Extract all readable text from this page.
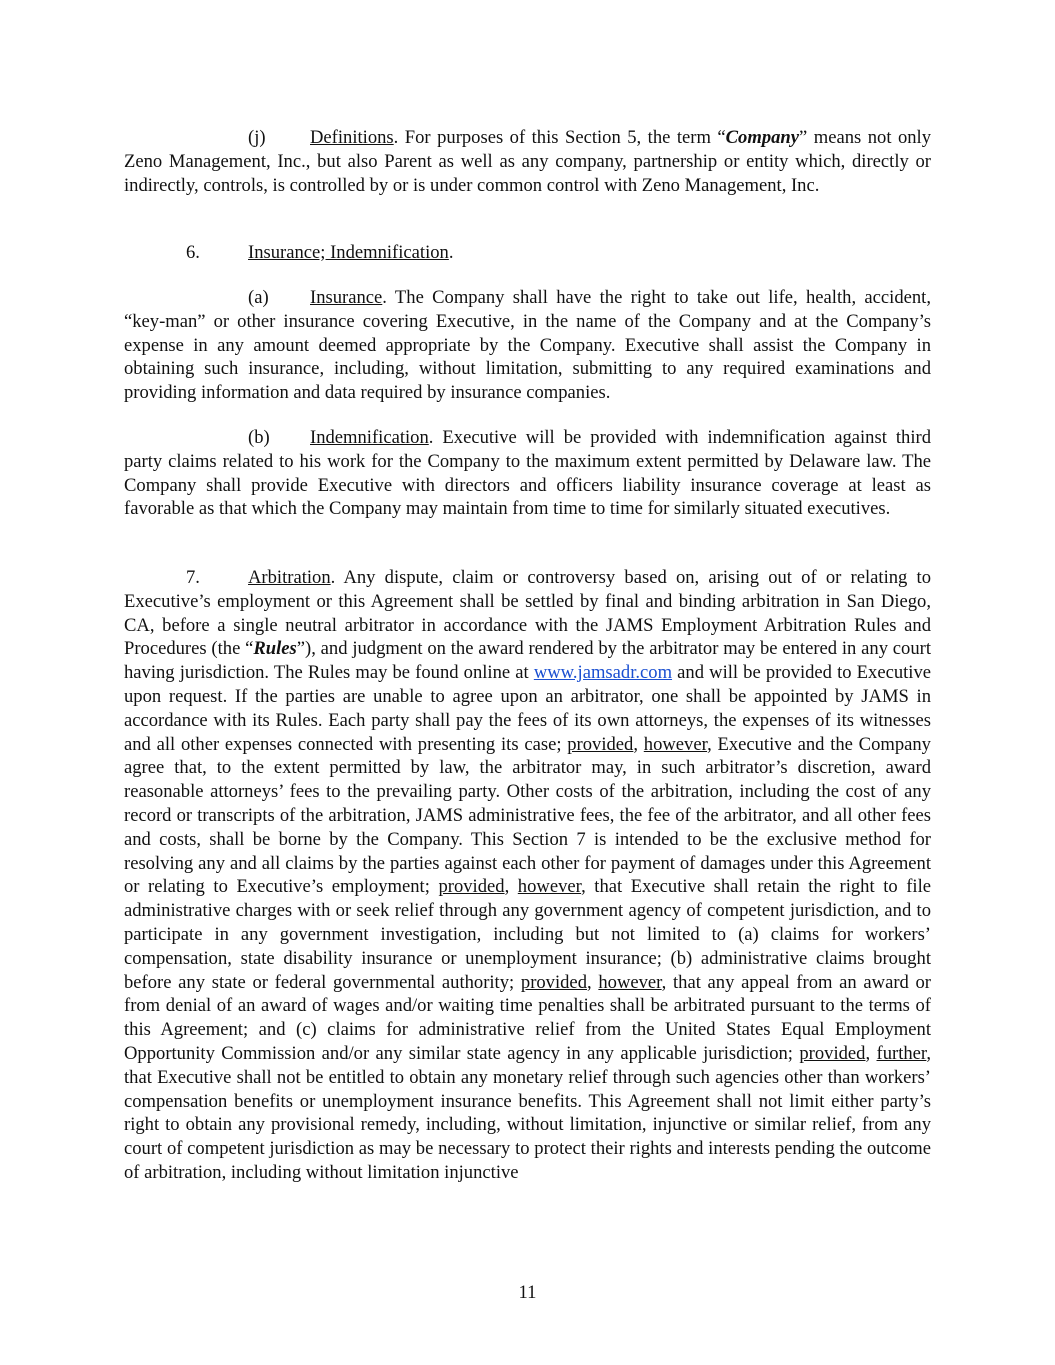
(j) Definitions. For purposes of this Section 5, the term “Company” means not only Zeno Management, Inc., but also Parent as well as any company, partnership or entity which, directly or indirectly, controls, is controlled by or is under common control with Zeno Management, Inc.

6.	Insurance; Indemnification.

(a) Insurance. The Company shall have the right to take out life, health, accident, “key-man” or other insurance covering Executive, in the name of the Company and at the Company’s expense in any amount deemed appropriate by the Company. Executive shall assist the Company in obtaining such insurance, including, without limitation, submitting to any required examinations and providing information and data required by insurance companies.

(b) Indemnification. Executive will be provided with indemnification against third party claims related to his work for the Company to the maximum extent permitted by Delaware law. The Company shall provide Executive with directors and officers liability insurance coverage at least as favorable as that which the Company may maintain from time to time for similarly situated executives.

7.	Arbitration. Any dispute, claim or controversy based on, arising out of or relating to Executive’s employment or this Agreement shall be settled by final and binding arbitration in San Diego, CA, before a single neutral arbitrator in accordance with the JAMS Employment Arbitration Rules and Procedures (the “Rules”), and judgment on the award rendered by the arbitrator may be entered in any court having jurisdiction. The Rules may be found online at www.jamsadr.com and will be provided to Executive upon request. If the parties are unable to agree upon an arbitrator, one shall be appointed by JAMS in accordance with its Rules. Each party shall pay the fees of its own attorneys, the expenses of its witnesses and all other expenses connected with presenting its case; provided, however, Executive and the Company agree that, to the extent permitted by law, the arbitrator may, in such arbitrator’s discretion, award reasonable attorneys’ fees to the prevailing party. Other costs of the arbitration, including the cost of any record or transcripts of the arbitration, JAMS administrative fees, the fee of the arbitrator, and all other fees and costs, shall be borne by the Company. This Section 7 is intended to be the exclusive method for resolving any and all claims by the parties against each other for payment of damages under this Agreement or relating to Executive’s employment; provided, however, that Executive shall retain the right to file administrative charges with or seek relief through any government agency of competent jurisdiction, and to participate in any government investigation, including but not limited to (a) claims for workers’ compensation, state disability insurance or unemployment insurance; (b) administrative claims brought before any state or federal governmental authority; provided, however, that any appeal from an award or from denial of an award of wages and/or waiting time penalties shall be arbitrated pursuant to the terms of this Agreement; and (c) claims for administrative relief from the United States Equal Employment Opportunity Commission and/or any similar state agency in any applicable jurisdiction; provided, further, that Executive shall not be entitled to obtain any monetary relief through such agencies other than workers’ compensation benefits or unemployment insurance benefits. This Agreement shall not limit either party’s right to obtain any provisional remedy, including, without limitation, injunctive or similar relief, from any court of competent jurisdiction as may be necessary to protect their rights and interests pending the outcome of arbitration, including without limitation injunctive

11
